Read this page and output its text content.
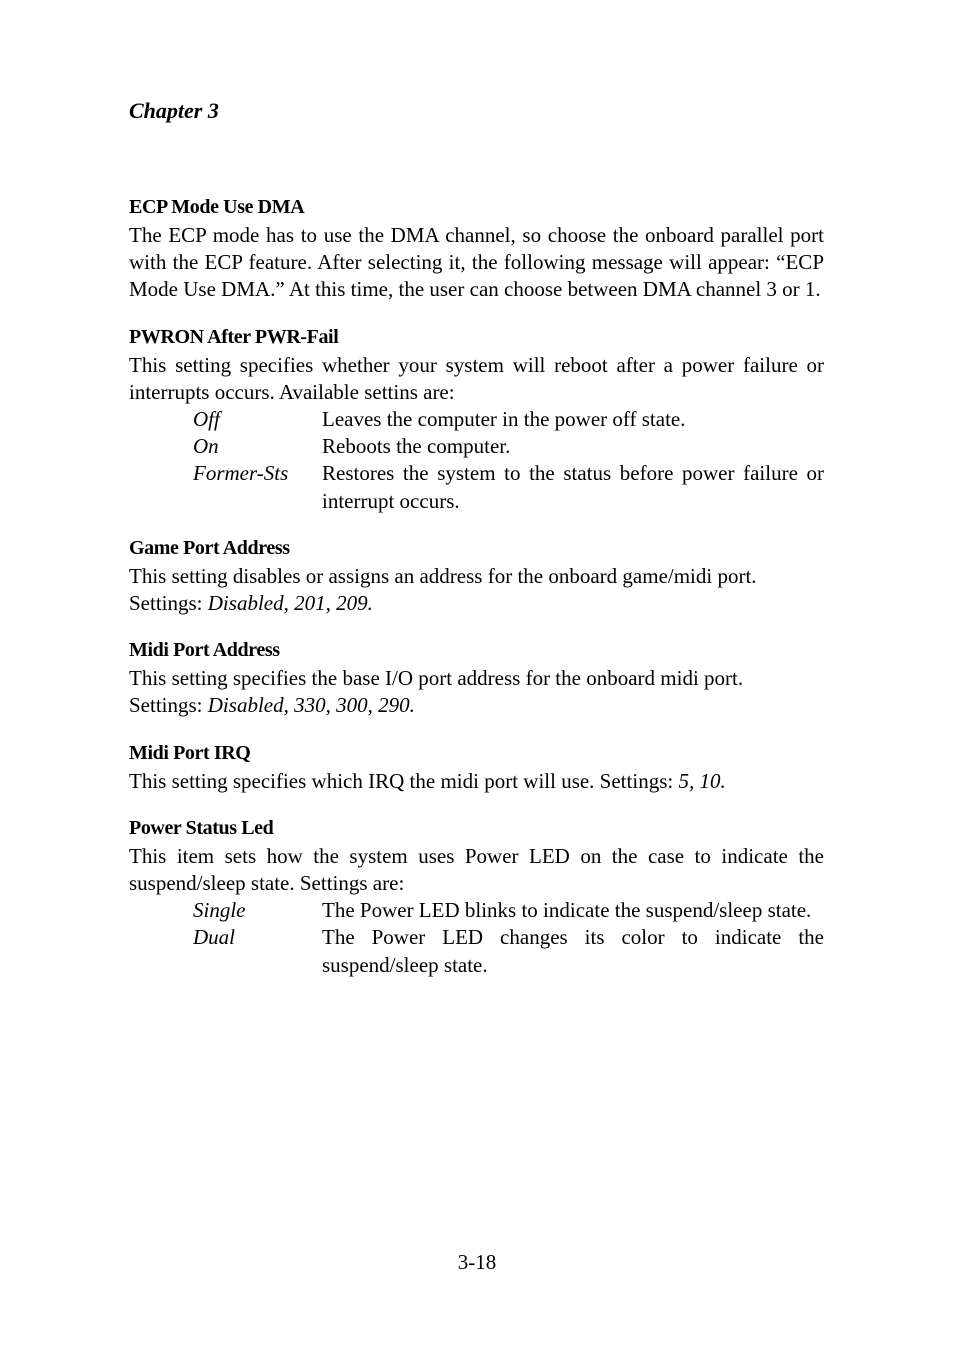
Chapter 3
ECP Mode Use DMA
The ECP mode has to use the DMA channel, so choose the onboard parallel port with the ECP feature. After selecting it, the following message will appear: “ECP Mode Use DMA.” At this time, the user can choose between DMA channel 3 or 1.
PWRON After PWR-Fail
This setting specifies whether your system will reboot after a power failure or interrupts occurs. Available settins are:
Off	Leaves the computer in the power off state.
On	Reboots the computer.
Former-Sts	Restores the system to the status before power failure or interrupt occurs.
Game Port Address
This setting disables or assigns an address for the onboard game/midi port.
Settings: Disabled, 201, 209.
Midi Port Address
This setting specifies the base I/O port address for the onboard midi port.
Settings: Disabled, 330, 300, 290.
Midi Port IRQ
This setting specifies which IRQ the midi port will use. Settings: 5, 10.
Power Status Led
This item sets how the system uses Power LED on the case to indicate the suspend/sleep state. Settings are:
Single	The Power LED blinks to indicate the suspend/sleep state.
Dual	The Power LED changes its color to indicate the suspend/sleep state.
3-18
